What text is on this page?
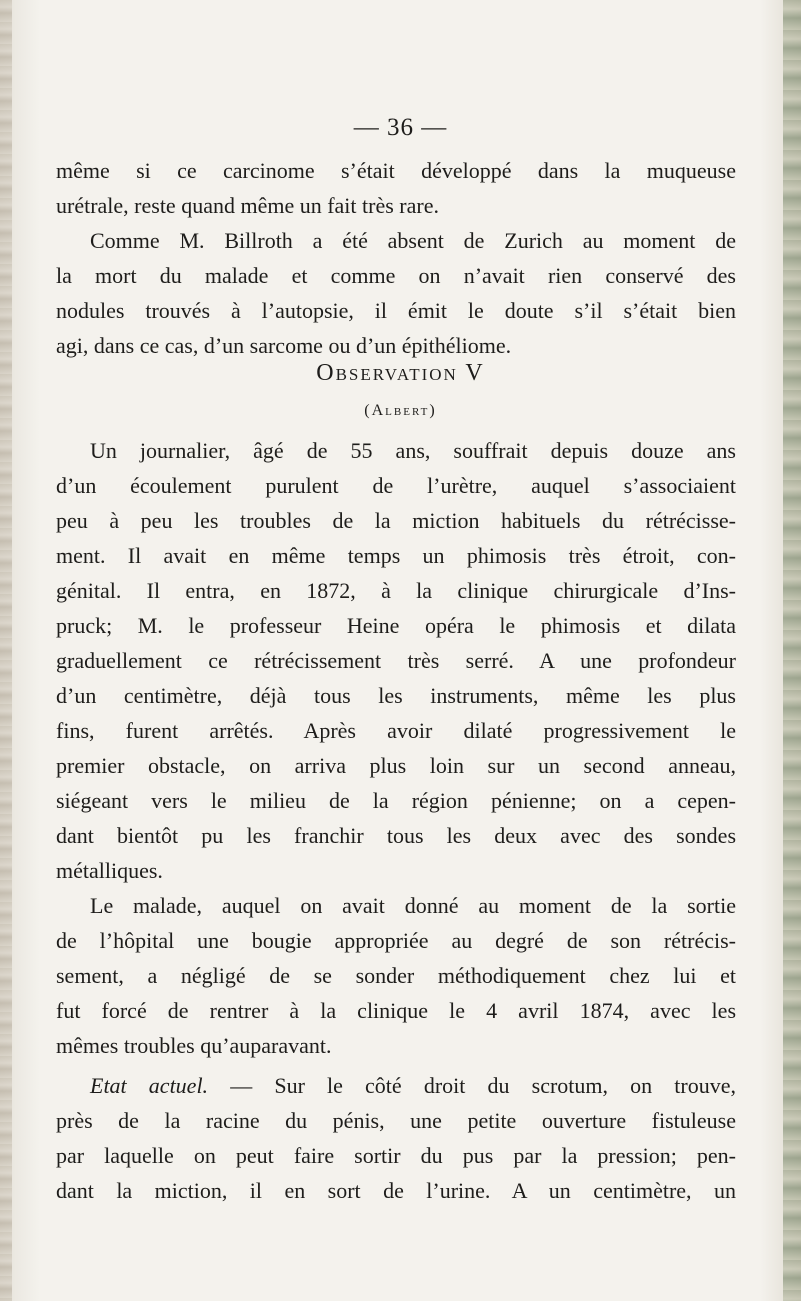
— 36 —
même si ce carcinome s’était développé dans la muqueuse
urétrale, reste quand même un fait très rare.
Comme M. Billroth a été absent de Zurich au moment de
la mort du malade et comme on n’avait rien conservé des
nodules trouvés à l’autopsie, il émit le doute s’il s’était bien
agi, dans ce cas, d’un sarcome ou d’un épithéliome.
Observation V
(Albert)
Un journalier, âgé de 55 ans, souffrait depuis douze ans
d’un écoulement purulent de l’urètre, auquel s’associaient
peu à peu les troubles de la miction habituels du rétrécisse-
ment. Il avait en même temps un phimosis très étroit, con-
génital. Il entra, en 1872, à la clinique chirurgicale d’Ins-
pruck; M. le professeur Heine opéra le phimosis et dilata
graduellement ce rétrécissement très serré. A une profondeur
d’un centimètre, déjà tous les instruments, même les plus
fins, furent arrêtés. Après avoir dilaté progressivement le
premier obstacle, on arriva plus loin sur un second anneau,
siégeant vers le milieu de la région pénienne; on a cepen-
dant bientôt pu les franchir tous les deux avec des sondes
métalliques.
Le malade, auquel on avait donné au moment de la sortie
de l’hôpital une bougie appropriée au degré de son rétrécis-
sement, a négligé de se sonder méthodiquement chez lui et
fut forcé de rentrer à la clinique le 4 avril 1874, avec les
mêmes troubles qu’auparavant.
Etat actuel. — Sur le côté droit du scrotum, on trouve,
près de la racine du pénis, une petite ouverture fistuleuse
par laquelle on peut faire sortir du pus par la pression; pen-
dant la miction, il en sort de l’urine. A un centimètre, un
